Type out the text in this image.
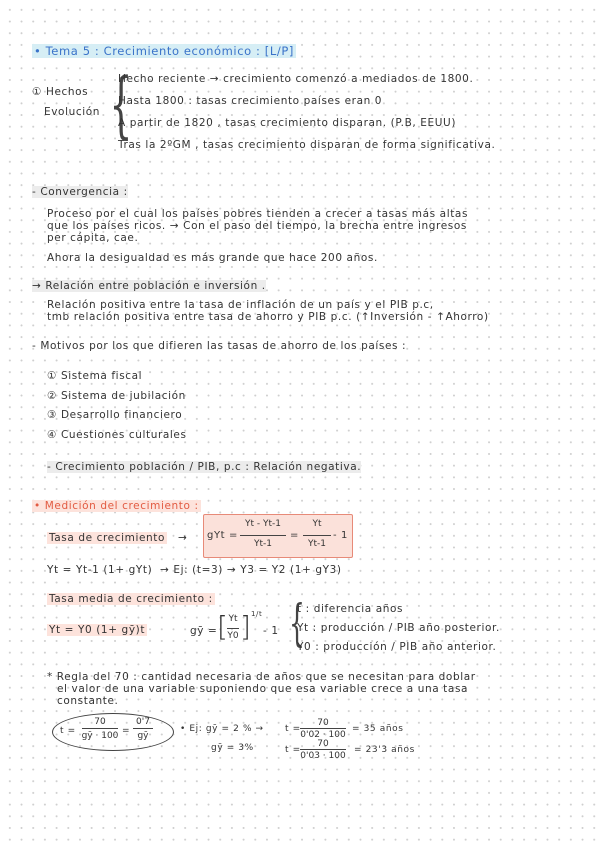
• Tema 5 : Crecimiento económico : [L/P]
① Hechos
Evolución {
Hecho reciente → crecimiento comenzó a mediados de 1800.
Hasta 1800 : tasas crecimiento países eran 0
A partir de 1820 , tasas crecimiento disparan. (P.B, EEUU)
Tras la 2ºGM , tasas crecimiento disparan de forma significativa.
- Convergencia :
Proceso por el cual los países pobres tienden a crecer a tasas más altas
que los países ricos. → Con el paso del tiempo, la brecha entre ingresos
per cápita, cae.
Ahora la desigualdad es más grande que hace 200 años.
→ Relación entre población e inversión .
Relación positiva entre la tasa de inflación de un país y el PIB p.c,
tmb relación positiva entre tasa de ahorro y PIB p.c. (↑Inversión - ↑Ahorro)
- Motivos por los que difieren las tasas de ahorro de los países :
① Sistema fiscal
② Sistema de jubilación
③ Desarrollo financiero
④ Cuestiones culturales
- Crecimiento población / PIB, p.c : Relación negativa.
• Medición del crecimiento :
Tasa de crecimiento → gYt =
Yt - Yt-1
Yt-1
=
Yt
Yt-1
- 1
Yt = Yt-1 (1+ gYt) → Ej: (t=3) → Y3 = Y2 (1+ gY3)
Tasa media de crecimiento :
Yt = Y0 (1+ gȳ)t	gȳ = [ Yt
Y0 ] 1/t
- 1 {
t : diferencia años
Yt : producción / PIB año posterior.
Y0 : producción / PIB año anterior.
* Regla del 70 : cantidad necesaria de años que se necesitan para doblar
el valor de una variable suponiendo que esa variable crece a una tasa
constante.
t =
70
gȳ · 100 =
0'7
gȳ
• Ej: gȳ = 2 % → t =
70
0'02 · 100
= 35 años
gȳ = 3%	t =
70
0'03 · 100
= 23'3 años
